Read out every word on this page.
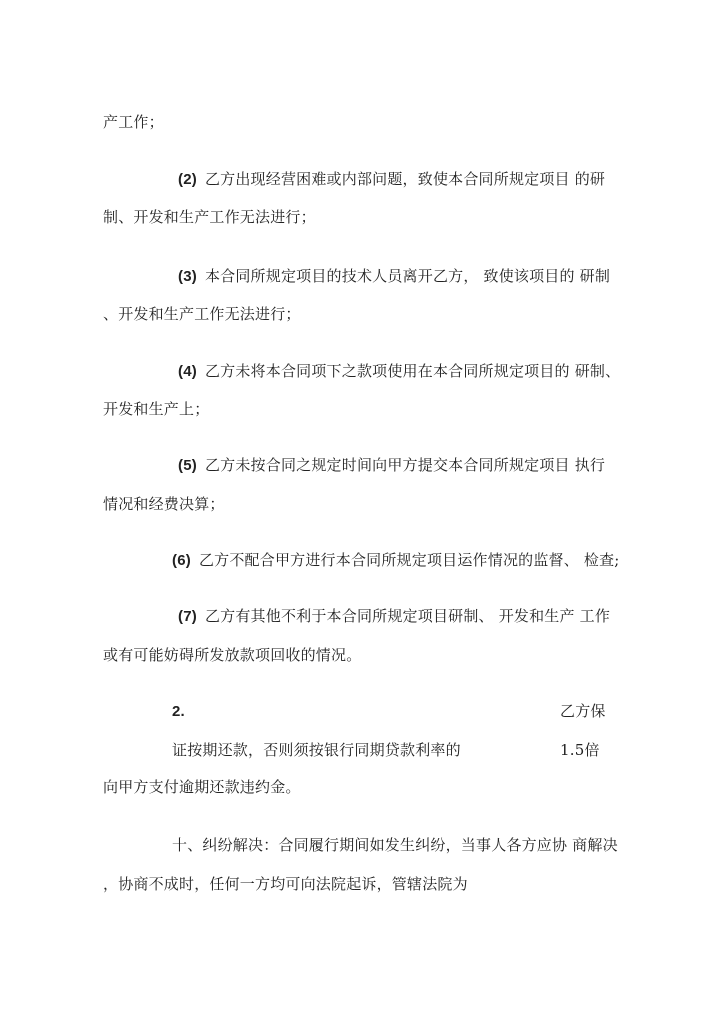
产工作；
(2) 乙方出现经营困难或内部问题，致使本合同所规定项目 的研
制、开发和生产工作无法进行；
(3) 本合同所规定项目的技术人员离开乙方， 致使该项目的 研制
、开发和生产工作无法进行；
(4) 乙方未将本合同项下之款项使用在本合同所规定项目的 研制、
开发和生产上；
(5) 乙方未按合同之规定时间向甲方提交本合同所规定项目 执行
情况和经费决算；
(6) 乙方不配合甲方进行本合同所规定项目运作情况的监督、 检查;
(7) 乙方有其他不利于本合同所规定项目研制、 开发和生产 工作
或有可能妨碍所发放款项回收的情况。
2.	乙方保
证按期还款，否则须按银行同期贷款利率的	1.5倍
向甲方支付逾期还款违约金。
十、纠纷解决：合同履行期间如发生纠纷，当事人各方应协 商解决
，协商不成时，任何一方均可向法院起诉，管辖法院为
